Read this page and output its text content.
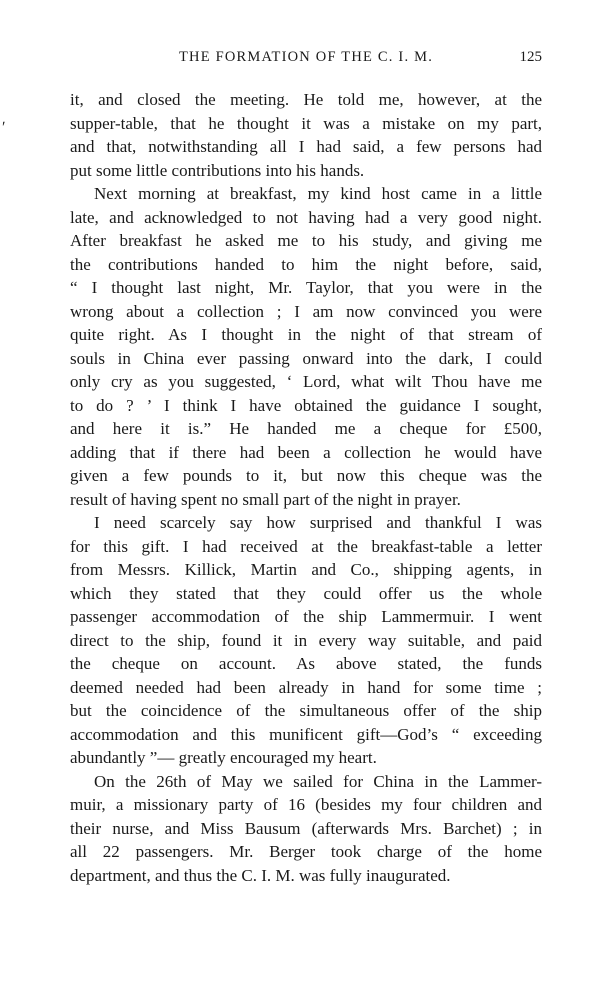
THE FORMATION OF THE C. I. M.	125
ʹ
it, and closed the meeting. He told me, however, at the
supper-table, that he thought it was a mistake on my part,
and that, notwithstanding all I had said, a few persons had
put some little contributions into his hands.
Next morning at breakfast, my kind host came in a little
late, and acknowledged to not having had a very good night.
After breakfast he asked me to his study, and giving me
the contributions handed to him the night before, said,
“ I thought last night, Mr. Taylor, that you were in the
wrong about a collection ; I am now convinced you were
quite right. As I thought in the night of that stream of
souls in China ever passing onward into the dark, I could
only cry as you suggested, ‘ Lord, what wilt Thou have me
to do ? ’ I think I have obtained the guidance I sought,
and here it is.” He handed me a cheque for £500,
adding that if there had been a collection he would have
given a few pounds to it, but now this cheque was the
result of having spent no small part of the night in prayer.
I need scarcely say how surprised and thankful I was
for this gift. I had received at the breakfast-table a letter
from Messrs. Killick, Martin and Co., shipping agents, in
which they stated that they could offer us the whole
passenger accommodation of the ship Lammermuir. I went
direct to the ship, found it in every way suitable, and paid
the cheque on account. As above stated, the funds
deemed needed had been already in hand for some time ;
but the coincidence of the simultaneous offer of the ship
accommodation and this munificent gift—God’s “ exceeding
abundantly ”— greatly encouraged my heart.
On the 26th of May we sailed for China in the Lammer-
muir, a missionary party of 16 (besides my four children and
their nurse, and Miss Bausum (afterwards Mrs. Barchet) ; in
all 22 passengers. Mr. Berger took charge of the home
department, and thus the C. I. M. was fully inaugurated.
